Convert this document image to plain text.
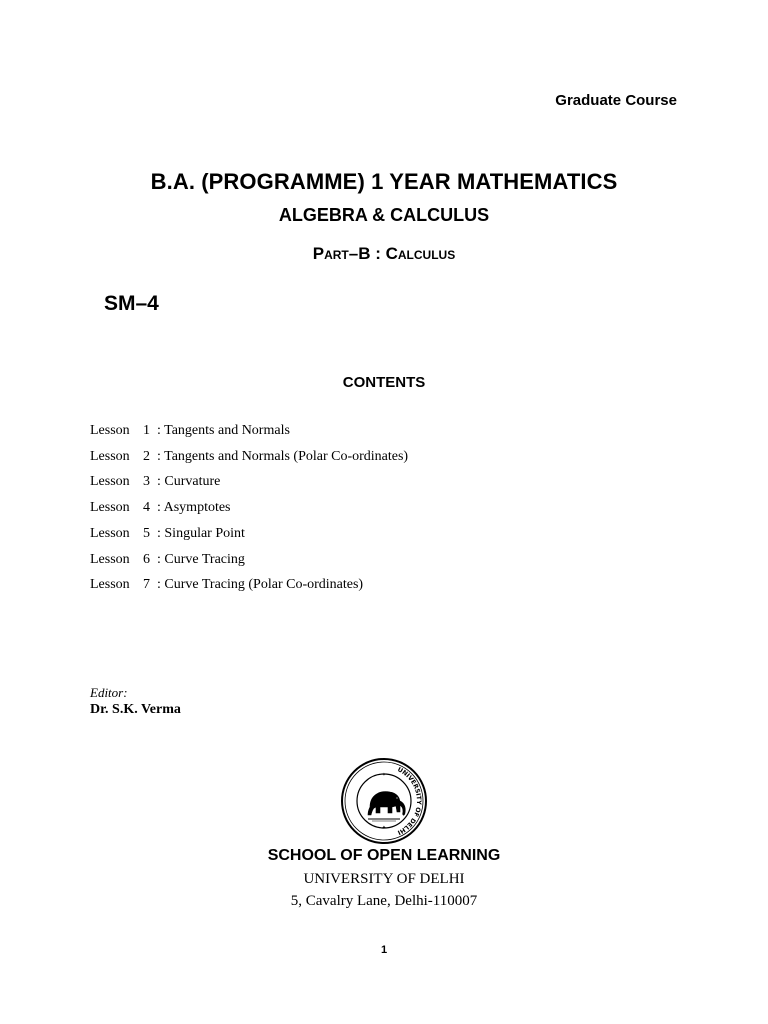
Graduate Course
B.A. (PROGRAMME) 1 YEAR MATHEMATICS
ALGEBRA & CALCULUS
Part–B : Calculus
SM–4
CONTENTS
Lesson 1 : Tangents and Normals
Lesson 2 : Tangents and Normals (Polar Co-ordinates)
Lesson 3 : Curvature
Lesson 4 : Asymptotes
Lesson 5 : Singular Point
Lesson 6 : Curve Tracing
Lesson 7 : Curve Tracing (Polar Co-ordinates)
Editor:
Dr. S.K. Verma
UNIVERSITY OF DELHI
✦
✦
SCHOOL OF OPEN LEARNING
UNIVERSITY OF DELHI
5, Cavalry Lane, Delhi-110007
1
